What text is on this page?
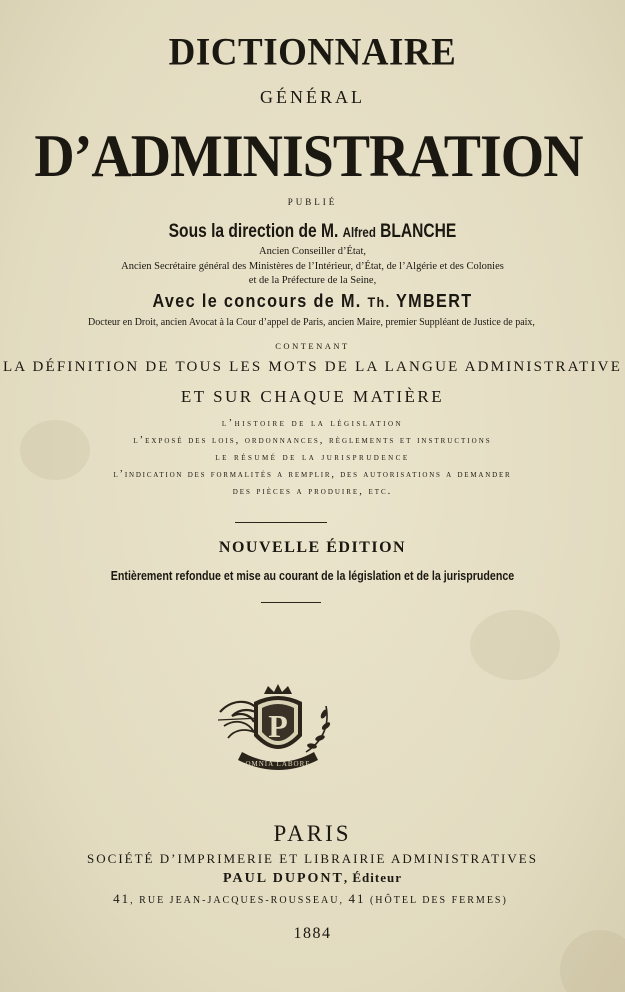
DICTIONNAIRE
GÉNÉRAL
D’ADMINISTRATION
PUBLIÉ
Sous la direction de M. Alfred BLANCHE
Ancien Conseiller d’État,
Ancien Secrétaire général des Ministères de l’Intérieur, d’État, de l’Algérie et des Colonies
et de la Préfecture de la Seine,
Avec le concours de M. Th. YMBERT
Docteur en Droit, ancien Avocat à la Cour d’appel de Paris, ancien Maire, premier Suppléant de Justice de paix,
CONTENANT
LA DÉFINITION DE TOUS LES MOTS DE LA LANGUE ADMINISTRATIVE
ET SUR CHAQUE MATIÈRE
l’histoire de la législation
l’exposé des lois, ordonnances, règlements et instructions
le résumé de la jurisprudence
l’indication des formalités a remplir, des autorisations a demander
des pièces a produire, etc.
NOUVELLE ÉDITION
Entièrement refondue et mise au courant de la législation et de la jurisprudence
P
OMNIA LABORE
PARIS
SOCIÉTÉ D’IMPRIMERIE ET LIBRAIRIE ADMINISTRATIVES
PAUL DUPONT, Éditeur
41, RUE JEAN-JACQUES-ROUSSEAU, 41 (HÔTEL DES FERMES)
1884
